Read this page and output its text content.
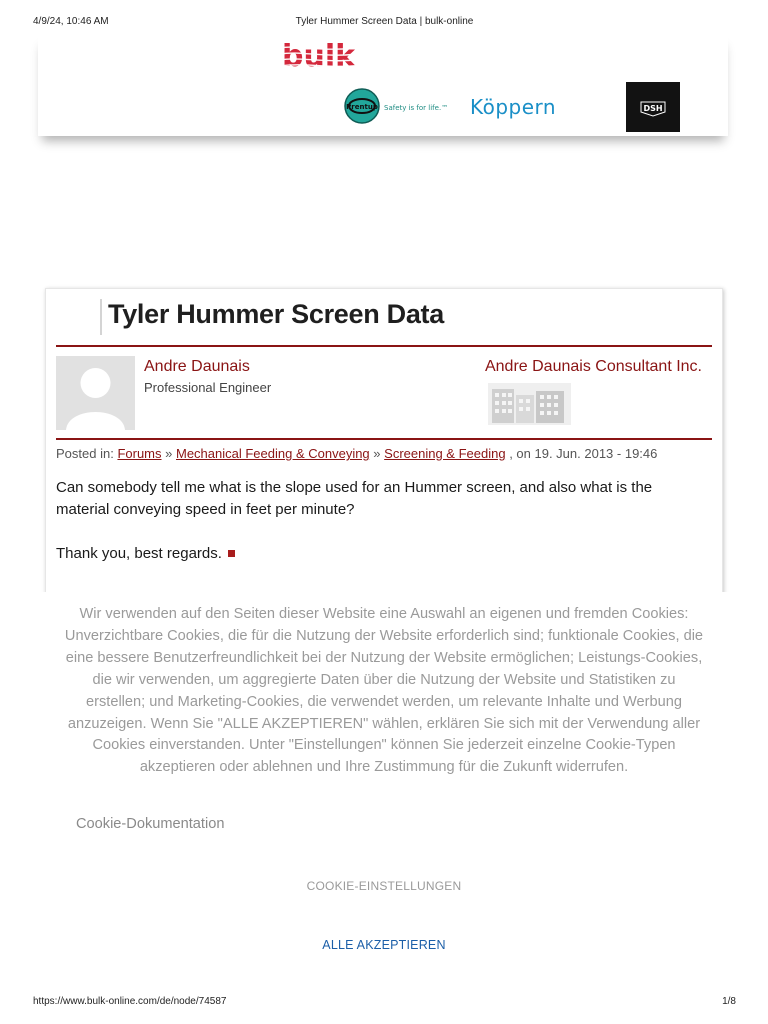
4/9/24, 10:46 AM	Tyler Hummer Screen Data | bulk-online
bulk
Prentup Safety is for life.™ Köppern	DSH
Tyler Hummer Screen Data
Andre Daunais
Professional Engineer
Andre Daunais Consultant Inc.
Posted in: Forums » Mechanical Feeding & Conveying » Screening & Feeding , on 19. Jun. 2013 - 19:46

Can somebody tell me what is the slope used for an Hummer screen, and also what is the material conveying speed in feet per minute?

Thank you, best regards.

Wir verwenden auf den Seiten dieser Website eine Auswahl an eigenen und fremden Cookies: Unverzichtbare Cookies, die für die Nutzung der Website erforderlich sind; funktionale Cookies, die eine bessere Benutzerfreundlichkeit bei der Nutzung der Website ermöglichen; Leistungs-Cookies, die wir verwenden, um aggregierte Daten über die Nutzung der Website und Statistiken zu erstellen; und Marketing-Cookies, die verwendet werden, um relevante Inhalte und Werbung anzuzeigen. Wenn Sie "ALLE AKZEPTIEREN" wählen, erklären Sie sich mit der Verwendung aller Cookies einverstanden. Unter "Einstellungen" können Sie jederzeit einzelne Cookie-Typen akzeptieren oder ablehnen und Ihre Zustimmung für die Zukunft widerrufen.

Cookie-Dokumentation
COOKIE-EINSTELLUNGEN
ALLE AKZEPTIEREN
https://www.bulk-online.com/de/node/74587	1/8
